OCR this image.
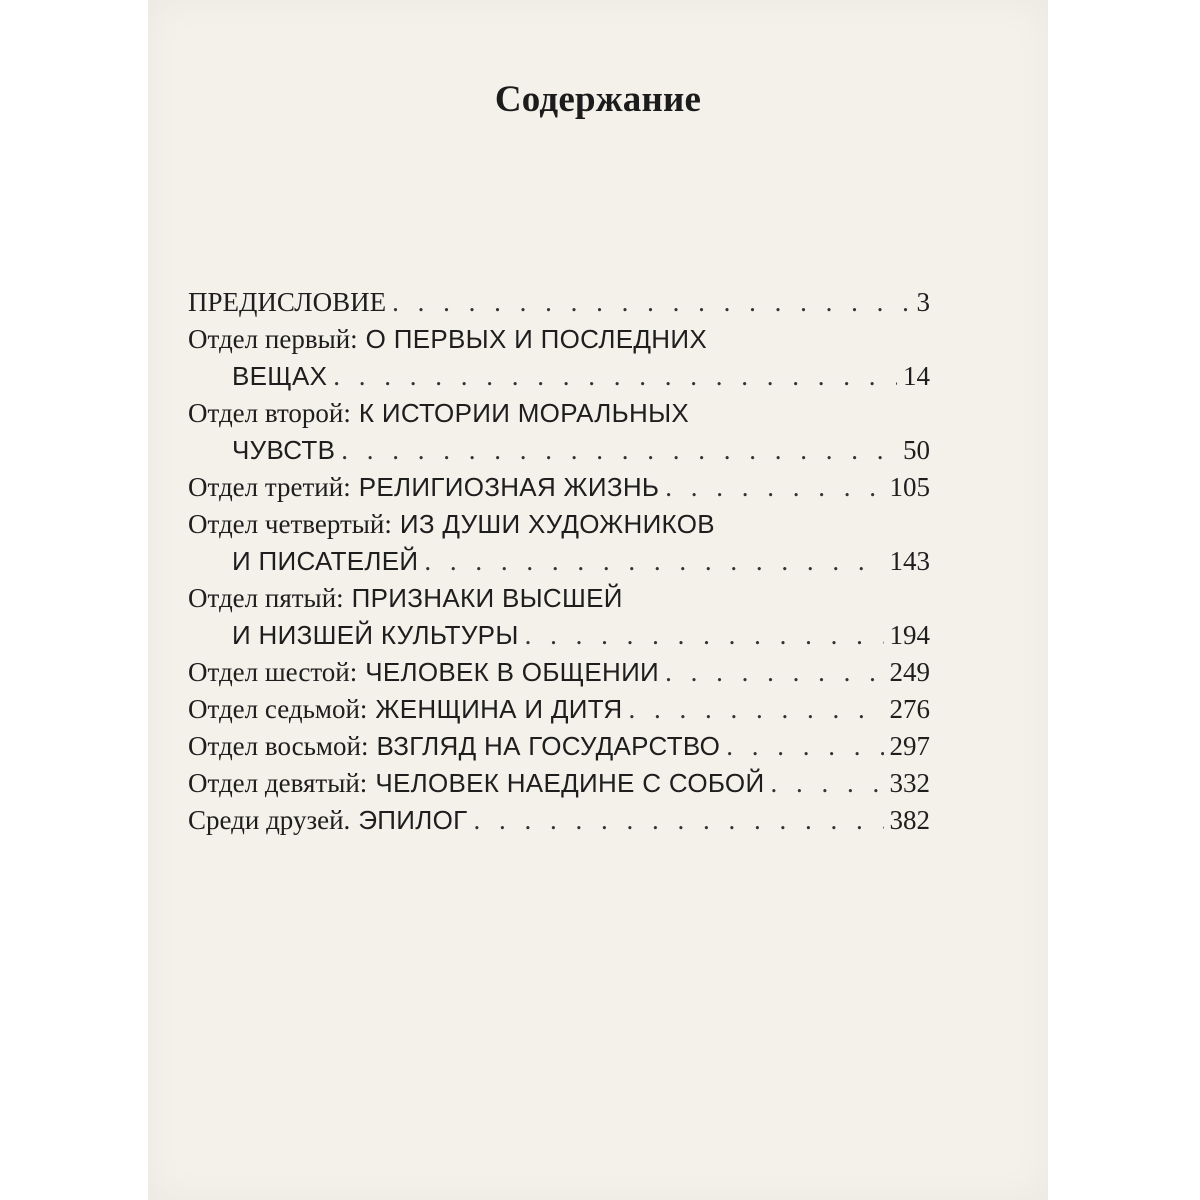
Содержание
ПРЕДИСЛОВИЕ . . .	3
Отдел первый: О ПЕРВЫХ И ПОСЛЕДНИХ
ВЕЩАХ . . .	14
Отдел второй: К ИСТОРИИ МОРАЛЬНЫХ
ЧУВСТВ . . .	50
Отдел третий: РЕЛИГИОЗНАЯ ЖИЗНЬ . . .	105
Отдел четвертый: ИЗ ДУШИ ХУДОЖНИКОВ
И ПИСАТЕЛЕЙ . . .	143
Отдел пятый: ПРИЗНАКИ ВЫСШЕЙ
И НИЗШЕЙ КУЛЬТУРЫ . . .	194
Отдел шестой: ЧЕЛОВЕК В ОБЩЕНИИ . . .	249
Отдел седьмой: ЖЕНЩИНА И ДИТЯ . . .	276
Отдел восьмой: ВЗГЛЯД НА ГОСУДАРСТВО . . .	297
Отдел девятый: ЧЕЛОВЕК НАЕДИНЕ С СОБОЙ . . .	332
Среди друзей. ЭПИЛОГ . . .	382
